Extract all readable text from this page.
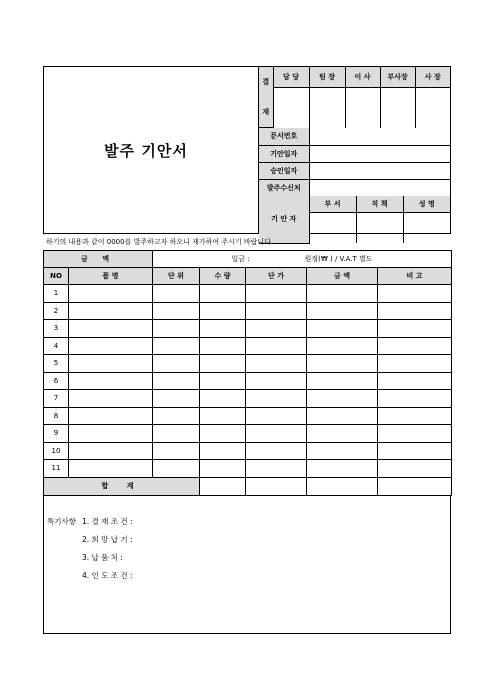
발주 기안서
결
재	담 당	팀 장	이 사	부사장	사 장

문서번호	
기안일자	
승인일자	
발주수신처	
기 안 자	부 서	직 책	성 명

하기의 내용과 같이 0000를 발주하고자 하오니 재가하여 주시기 바랍니다.
금 액		일금 : 원정(₩ ) / V.A.T 별도				
NO	품 명	단 위	수 량	단 가	금 액	비 고
1						
2						
3						
4						
5						
6						
7						
8						
9						
10						
11						
합 계						
특기사항 1. 결 재 조 건 :
2. 희 망 납 기 :
3. 납 품 처 :
4. 인 도 조 건 :
